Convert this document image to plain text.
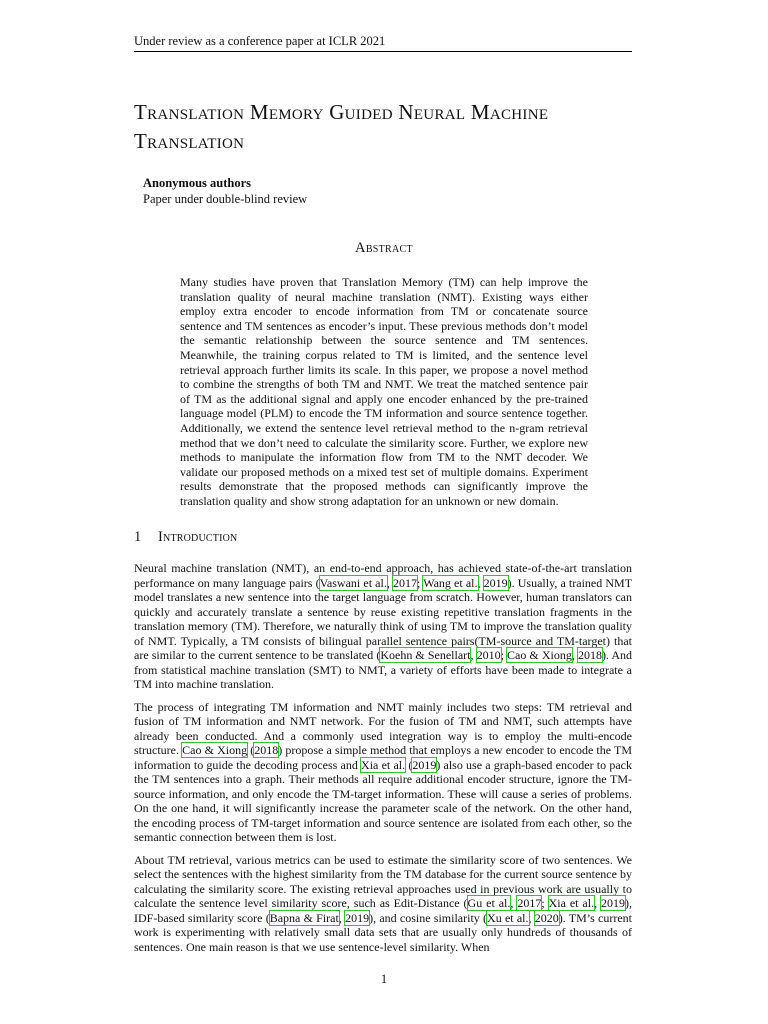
Under review as a conference paper at ICLR 2021
Translation Memory Guided Neural Machine
Translation
Anonymous authors
Paper under double-blind review
Abstract
Many studies have proven that Translation Memory (TM) can help improve the translation quality of neural machine translation (NMT). Existing ways either employ extra encoder to encode information from TM or concatenate source sentence and TM sentences as encoder’s input. These previous methods don’t model the semantic relationship between the source sentence and TM sentences. Meanwhile, the training corpus related to TM is limited, and the sentence level retrieval approach further limits its scale. In this paper, we propose a novel method to combine the strengths of both TM and NMT. We treat the matched sentence pair of TM as the additional signal and apply one encoder enhanced by the pre-trained language model (PLM) to encode the TM information and source sentence together. Additionally, we extend the sentence level retrieval method to the n-gram retrieval method that we don’t need to calculate the similarity score. Further, we explore new methods to manipulate the information flow from TM to the NMT decoder. We validate our proposed methods on a mixed test set of multiple domains. Experiment results demonstrate that the proposed methods can significantly improve the translation quality and show strong adaptation for an unknown or new domain.
1 Introduction

Neural machine translation (NMT), an end-to-end approach, has achieved state-of-the-art translation performance on many language pairs (Vaswani et al., 2017; Wang et al., 2019). Usually, a trained NMT model translates a new sentence into the target language from scratch. However, human translators can quickly and accurately translate a sentence by reuse existing repetitive translation fragments in the translation memory (TM). Therefore, we naturally think of using TM to improve the translation quality of NMT. Typically, a TM consists of bilingual parallel sentence pairs(TM-source and TM-target) that are similar to the current sentence to be translated (Koehn & Senellart, 2010; Cao & Xiong, 2018). And from statistical machine translation (SMT) to NMT, a variety of efforts have been made to integrate a TM into machine translation.

The process of integrating TM information and NMT mainly includes two steps: TM retrieval and fusion of TM information and NMT network. For the fusion of TM and NMT, such attempts have already been conducted. And a commonly used integration way is to employ the multi-encode structure. Cao & Xiong (2018) propose a simple method that employs a new encoder to encode the TM information to guide the decoding process and Xia et al. (2019) also use a graph-based encoder to pack the TM sentences into a graph. Their methods all require additional encoder structure, ignore the TM-source information, and only encode the TM-target information. These will cause a series of problems. On the one hand, it will significantly increase the parameter scale of the network. On the other hand, the encoding process of TM-target information and source sentence are isolated from each other, so the semantic connection between them is lost.

About TM retrieval, various metrics can be used to estimate the similarity score of two sentences. We select the sentences with the highest similarity from the TM database for the current source sentence by calculating the similarity score. The existing retrieval approaches used in previous work are usually to calculate the sentence level similarity score, such as Edit-Distance (Gu et al., 2017; Xia et al., 2019), IDF-based similarity score (Bapna & Firat, 2019), and cosine similarity (Xu et al., 2020). TM’s current work is experimenting with relatively small data sets that are usually only hundreds of thousands of sentences. One main reason is that we use sentence-level similarity. When

1
